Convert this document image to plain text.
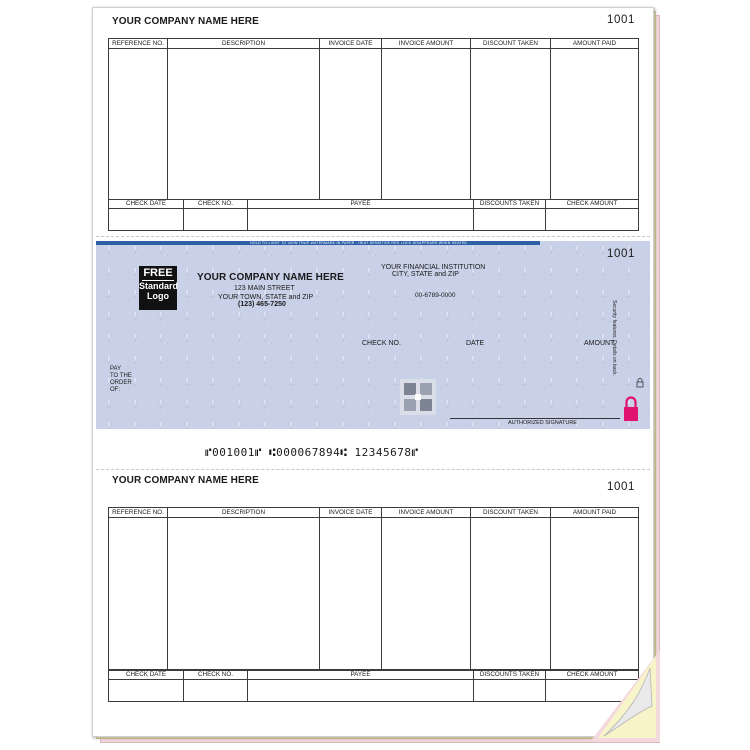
YOUR COMPANY NAME HERE	1001
REFERENCE NO.	DESCRIPTION	INVOICE DATE	INVOICE AMOUNT	DISCOUNT TAKEN	AMOUNT PAID

CHECK DATE	CHECK NO.	PAYEE	DISCOUNTS TAKEN	CHECK AMOUNT

HOLD TO LIGHT TO VIEW TRUE WATERMARK IN PAPER · HEAT SENSITIVE RED LOCK DISAPPEARS WHEN HEATED
1001
FREE
Standard
Logo
YOUR COMPANY NAME HERE
123 MAIN STREET
YOUR TOWN, STATE and ZIP
(123) 465-7250
YOUR FINANCIAL INSTITUTION
CITY, STATE and ZIP
00-6789-0000
CHECK NO.	DATE	AMOUNT
PAY
TO THE
ORDER
OF:
AUTHORIZED SIGNATURE
⑈001001⑈ ⑆000067894⑆ 12345678⑈
YOUR COMPANY NAME HERE
1001
REFERENCE NO.	DESCRIPTION	INVOICE DATE	INVOICE AMOUNT	DISCOUNT TAKEN	AMOUNT PAID

CHECK DATE	CHECK NO.	PAYEE	DISCOUNTS TAKEN	CHECK AMOUNT
